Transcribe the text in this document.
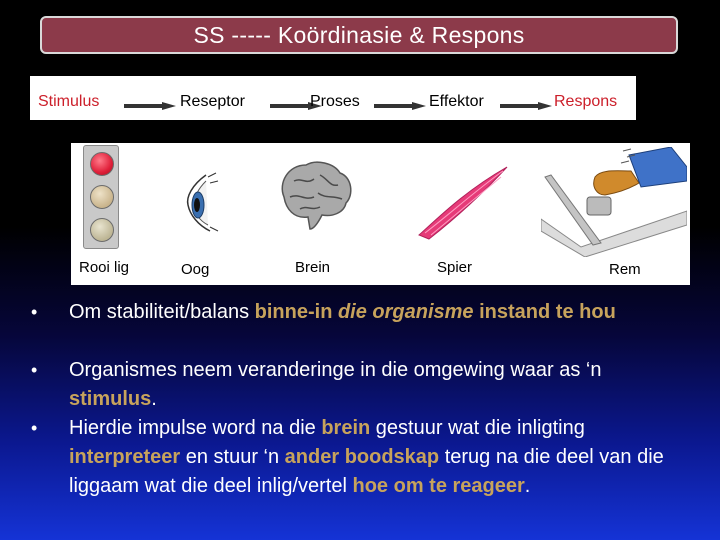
SS ----- Koördinasie & Respons
Stimulus	Reseptor	Proses	Effektor	Respons
Rooi lig	Oog	Brein	Spier	Rem
• Om stabiliteit/balans binne-in die organisme instand te hou

• Organismes neem veranderinge in die omgewing waar as ‘n stimulus.

• Hierdie impulse word na die brein gestuur wat die inligting interpreteer en stuur ‘n ander boodskap terug na die deel van die liggaam wat die deel inlig/vertel hoe om te reageer.
